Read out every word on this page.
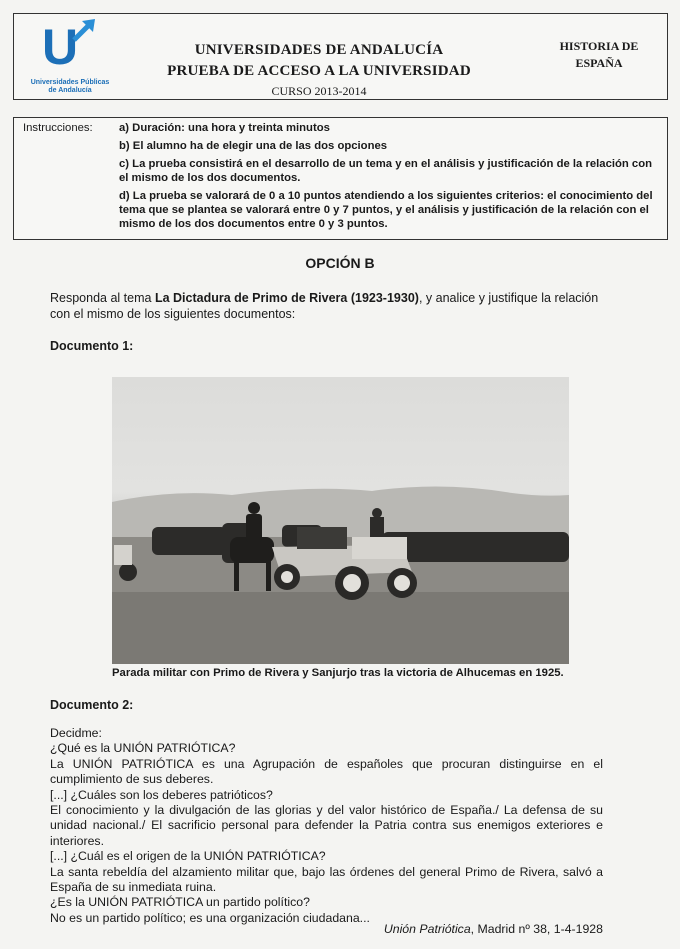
U
Universidades Públicas
de Andalucía
UNIVERSIDADES DE ANDALUCÍA
PRUEBA DE ACCESO A LA UNIVERSIDAD
CURSO 2013-2014
HISTORIA DE
ESPAÑA
Instrucciones: a) Duración: una hora y treinta minutos
b) El alumno ha de elegir una de las dos opciones
c) La prueba consistirá en el desarrollo de un tema y en el análisis y justificación de la relación con el mismo de los dos documentos.
d) La prueba se valorará de 0 a 10 puntos atendiendo a los siguientes criterios: el conocimiento del tema que se plantea se valorará entre 0 y 7 puntos, y el análisis y justificación de la relación con el mismo de los dos documentos entre 0 y 3 puntos.
OPCIÓN B
Responda al tema La Dictadura de Primo de Rivera (1923-1930), y analice y justifique la relación con el mismo de los siguientes documentos:
Documento 1:
Parada militar con Primo de Rivera y Sanjurjo tras la victoria de Alhucemas en 1925.
Documento 2:

Decidme:

¿Qué es la UNIÓN PATRIÓTICA?

La UNIÓN PATRIÓTICA es una Agrupación de españoles que procuran distinguirse en el cumplimiento de sus deberes.

[...] ¿Cuáles son los deberes patrióticos?

El conocimiento y la divulgación de las glorias y del valor histórico de España./ La defensa de su unidad nacional./ El sacrificio personal para defender la Patria contra sus enemigos exteriores e interiores.

[...] ¿Cuál es el origen de la UNIÓN PATRIÓTICA?

La santa rebeldía del alzamiento militar que, bajo las órdenes del general Primo de Rivera, salvó a España de su inmediata ruina.

¿Es la UNIÓN PATRIÓTICA un partido político?

No es un partido político; es una organización ciudadana...

Unión Patriótica, Madrid nº 38, 1-4-1928
